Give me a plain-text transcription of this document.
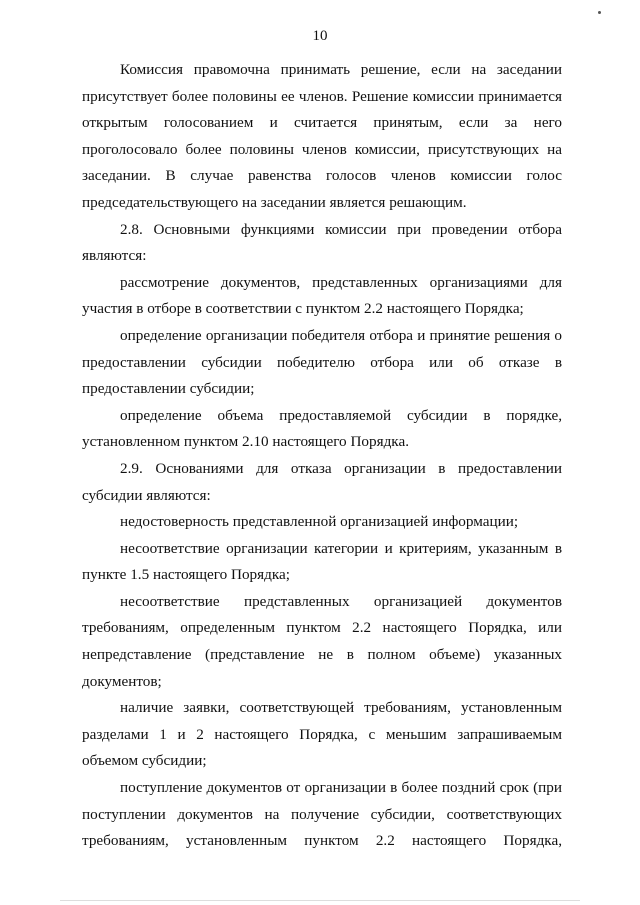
10

Комиссия правомочна принимать решение, если на заседании присутствует более половины ее членов. Решение комиссии принимается открытым голосованием и считается принятым, если за него проголосовало более половины членов комиссии, присутствующих на заседании. В случае равенства голосов членов комиссии голос председательствующего на заседании является решающим.

2.8. Основными функциями комиссии при проведении отбора являются:

рассмотрение документов, представленных организациями для участия в отборе в соответствии с пунктом 2.2 настоящего Порядка;

определение организации победителя отбора и принятие решения о предоставлении субсидии победителю отбора или об отказе в предоставлении субсидии;

определение объема предоставляемой субсидии в порядке, установленном пунктом 2.10 настоящего Порядка.

2.9. Основаниями для отказа организации в предоставлении субсидии являются:

недостоверность представленной организацией информации;

несоответствие организации категории и критериям, указанным в пункте 1.5 настоящего Порядка;

несоответствие представленных организацией документов требованиям, определенным пунктом 2.2 настоящего Порядка, или непредставление (представление не в полном объеме) указанных документов;

наличие заявки, соответствующей требованиям, установленным разделами 1 и 2 настоящего Порядка, с меньшим запрашиваемым объемом субсидии;

поступление документов от организации в более поздний срок (при поступлении документов на получение субсидии, соответствующих требованиям, установленным пунктом 2.2 настоящего Порядка,
